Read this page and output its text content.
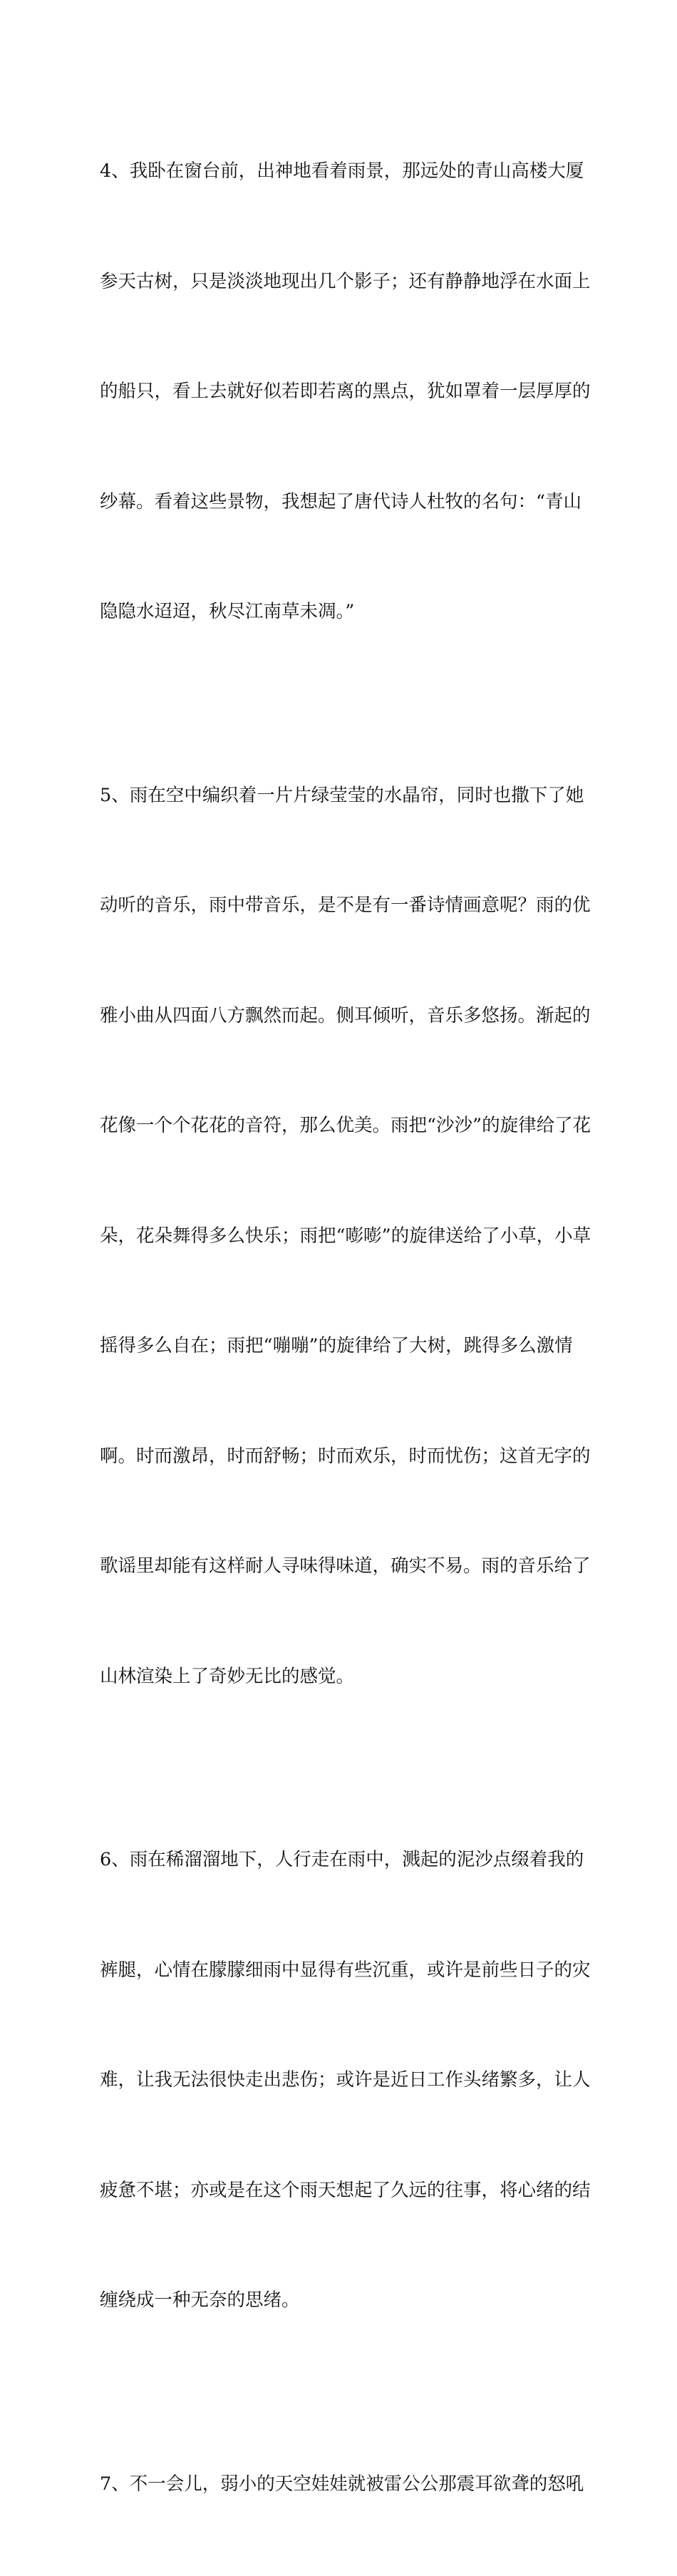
4、我卧在窗台前，出神地看着雨景，那远处的青山高楼大厦

参天古树，只是淡淡地现出几个影子；还有静静地浮在水面上

的船只，看上去就好似若即若离的黑点，犹如罩着一层厚厚的

纱幕。看着这些景物，我想起了唐代诗人杜牧的名句：“青山

隐隐水迢迢，秋尽江南草未凋。”

5、雨在空中编织着一片片绿莹莹的水晶帘，同时也撒下了她

动听的音乐，雨中带音乐，是不是有一番诗情画意呢？雨的优

雅小曲从四面八方飘然而起。侧耳倾听，音乐多悠扬。渐起的

花像一个个花花的音符，那么优美。雨把“沙沙”的旋律给了花

朵，花朵舞得多么快乐；雨把“嘭嘭”的旋律送给了小草，小草

摇得多么自在；雨把“嘣嘣”的旋律给了大树，跳得多么激情

啊。时而激昂，时而舒畅；时而欢乐，时而忧伤；这首无字的

歌谣里却能有这样耐人寻味得味道，确实不易。雨的音乐给了

山林渲染上了奇妙无比的感觉。

6、雨在稀溜溜地下，人行走在雨中，溅起的泥沙点缀着我的

裤腿，心情在朦朦细雨中显得有些沉重，或许是前些日子的灾

难，让我无法很快走出悲伤；或许是近日工作头绪繁多，让人

疲惫不堪；亦或是在这个雨天想起了久远的往事，将心绪的结

缠绕成一种无奈的思绪。

7、不一会儿，弱小的天空娃娃就被雷公公那震耳欲聋的怒吼
